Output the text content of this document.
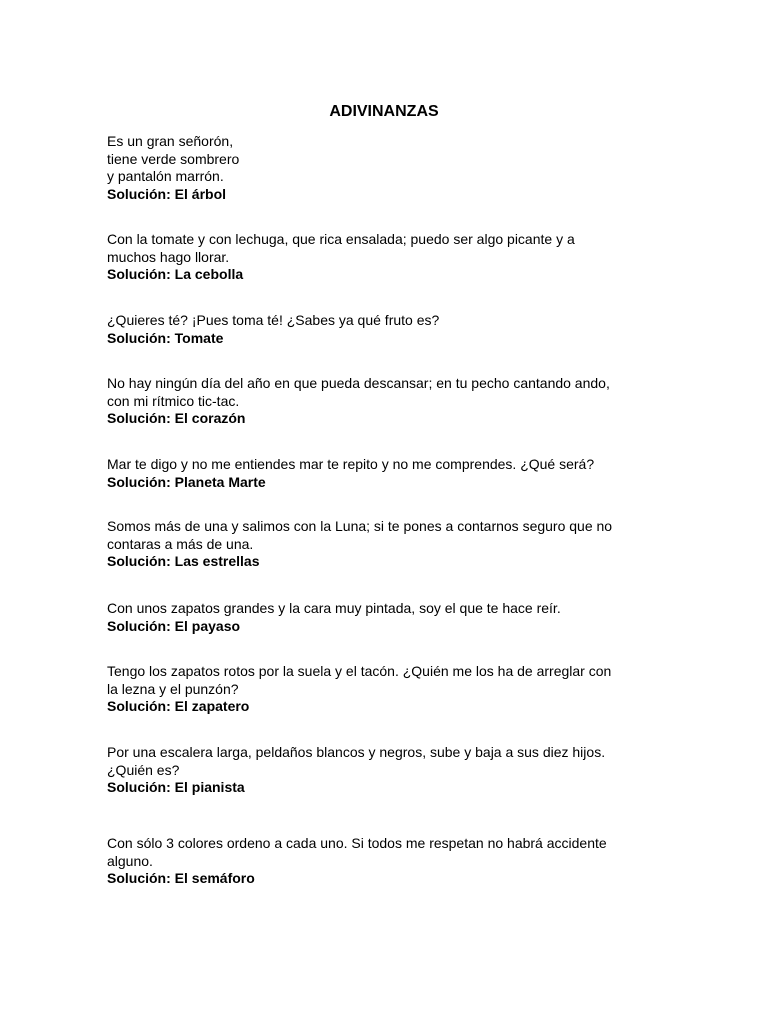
ADIVINANZAS
Es un gran señorón,
tiene verde sombrero
y pantalón marrón.
Solución: El árbol
Con la tomate y con lechuga, que rica ensalada; puedo ser algo picante y a
muchos hago llorar.
Solución: La cebolla
¿Quieres té? ¡Pues toma té! ¿Sabes ya qué fruto es?
Solución: Tomate
No hay ningún día del año en que pueda descansar; en tu pecho cantando ando,
con mi rítmico tic-tac.
Solución: El corazón
Mar te digo y no me entiendes mar te repito y no me comprendes. ¿Qué será?
Solución: Planeta Marte
Somos más de una y salimos con la Luna; si te pones a contarnos seguro que no
contaras a más de una.
Solución: Las estrellas
Con unos zapatos grandes y la cara muy pintada, soy el que te hace reír.
Solución: El payaso
Tengo los zapatos rotos por la suela y el tacón. ¿Quién me los ha de arreglar con
la lezna y el punzón?
Solución: El zapatero
Por una escalera larga, peldaños blancos y negros, sube y baja a sus diez hijos.
¿Quién es?
Solución: El pianista
Con sólo 3 colores ordeno a cada uno. Si todos me respetan no habrá accidente
alguno.
Solución: El semáforo
